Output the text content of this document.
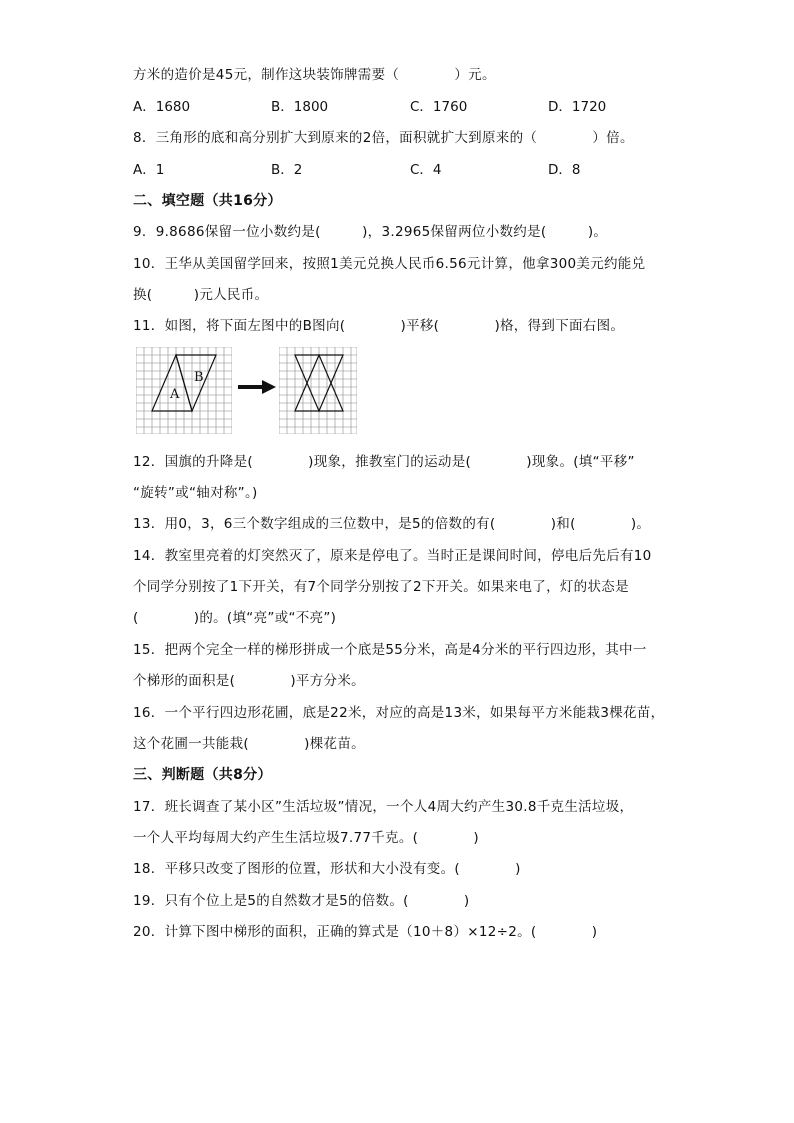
方米的造价是45元，制作这块装饰牌需要（　　　　）元。
A．1680	B．1800	C．1760	D．1720
8．三角形的底和高分别扩大到原来的2倍，面积就扩大到原来的（　　　　）倍。
A．1	B．2	C．4	D．8
二、填空题（共16分）
9．9.8686保留一位小数约是(　　　)，3.2965保留两位小数约是(　　　)。
10．王华从美国留学回来，按照1美元兑换人民币6.56元计算，他拿300美元约能兑
换(　　　)元人民币。
11．如图，将下面左图中的B图向(　　　　)平移(　　　　)格，得到下面右图。
A
B
12．国旗的升降是(　　　　)现象，推教室门的运动是(　　　　)现象。(填“平移”
“旋转”或“轴对称”。)
13．用0，3，6三个数字组成的三位数中，是5的倍数的有(　　　　)和(　　　　)。
14．教室里亮着的灯突然灭了，原来是停电了。当时正是课间时间，停电后先后有10
个同学分别按了1下开关，有7个同学分别按了2下开关。如果来电了，灯的状态是
(　　　　)的。(填“亮”或“不亮”)
15．把两个完全一样的梯形拼成一个底是55分米，高是4分米的平行四边形，其中一
个梯形的面积是(　　　　)平方分米。
16．一个平行四边形花圃，底是22米，对应的高是13米，如果每平方米能栽3棵花苗，
这个花圃一共能栽(　　　　)棵花苗。
三、判断题（共8分）
17．班长调查了某小区”生活垃圾”情况，一个人4周大约产生30.8千克生活垃圾，
一个人平均每周大约产生生活垃圾7.77千克。(　　　　)
18．平移只改变了图形的位置，形状和大小没有变。(　　　　)
19．只有个位上是5的自然数才是5的倍数。(　　　　)
20．计算下图中梯形的面积，正确的算式是（10＋8）×12÷2。(　　　　)
